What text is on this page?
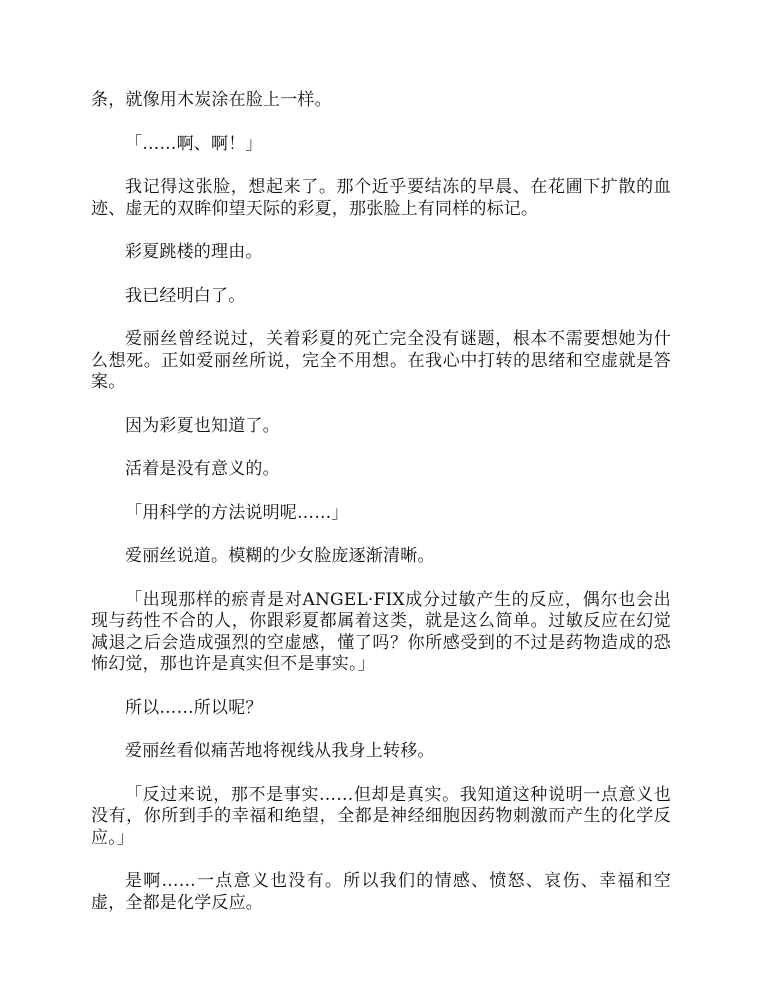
条，就像用木炭涂在脸上一样。

「……啊、啊！」

我记得这张脸，想起来了。那个近乎要结冻的早晨、在花圃下扩散的血迹、虚无的双眸仰望天际的彩夏，那张脸上有同样的标记。

彩夏跳楼的理由。

我已经明白了。

爱丽丝曾经说过，关着彩夏的死亡完全没有谜题，根本不需要想她为什么想死。正如爱丽丝所说，完全不用想。在我心中打转的思绪和空虚就是答案。

因为彩夏也知道了。

活着是没有意义的。

「用科学的方法说明呢……」

爱丽丝说道。模糊的少女脸庞逐渐清晰。

「出现那样的瘀青是对ANGEL·FIX成分过敏产生的反应，偶尔也会出现与药性不合的人，你跟彩夏都属着这类，就是这么简单。过敏反应在幻觉减退之后会造成强烈的空虚感，懂了吗？你所感受到的不过是药物造成的恐怖幻觉，那也许是真实但不是事实。」

所以……所以呢？

爱丽丝看似痛苦地将视线从我身上转移。

「反过来说，那不是事实……但却是真实。我知道这种说明一点意义也没有，你所到手的幸福和绝望，全都是神经细胞因药物刺激而产生的化学反应。」

是啊……一点意义也没有。所以我们的情感、愤怒、哀伤、幸福和空虚，全都是化学反应。
